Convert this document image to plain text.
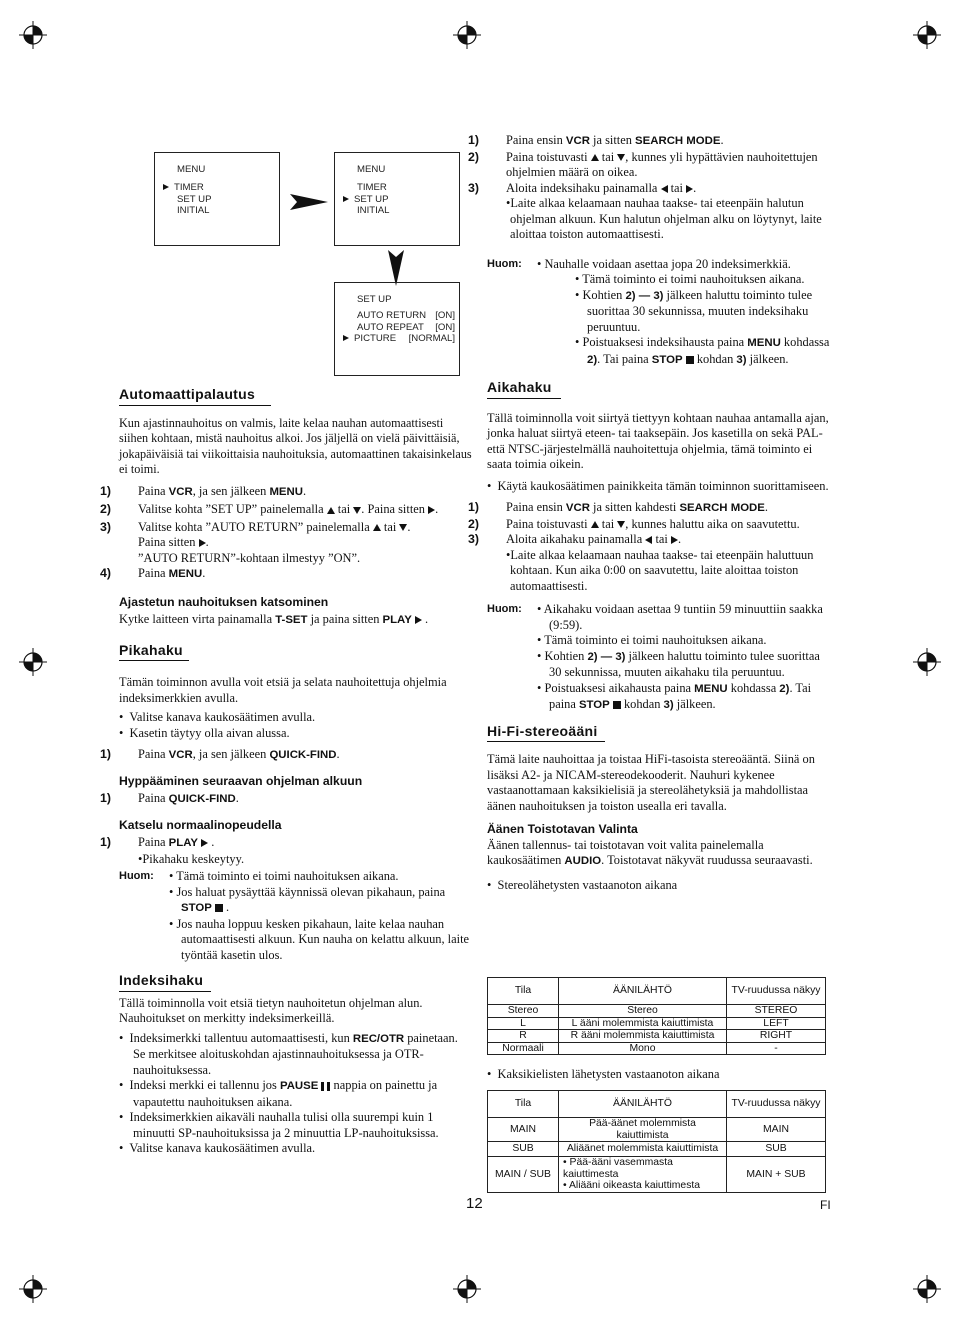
MENU
TIMER
SET UP
INITIAL
MENU
TIMER
SET UP
INITIAL
SET UP
AUTO RETURN [ON]
AUTO REPEAT [ON]
PICTURE [NORMAL]

Automaattipalautus

Kun ajastinnauhoitus on valmis, laite kelaa nauhan automaattisesti siihen kohtaan, mistä nauhoitus alkoi. Jos jäljellä on vielä päivittäisiä, jokapäiväisiä tai viikoittaisia nauhoituksia, automaattinen takaisinkelaus ei toimi.

1) Paina VCR, ja sen jälkeen MENU.

2) Valitse kohta ”SET UP” painelemalla  tai . Paina sitten .

3) Valitse kohta ”AUTO RETURN” painelemalla  tai .
Paina sitten .

”AUTO RETURN”-kohtaan ilmestyy ”ON”.

4) Paina MENU.

Ajastetun nauhoituksen katsominen

Kytke laitteen virta painamalla T-SET ja paina sitten PLAY  .

Pikahaku

Tämän toiminnon avulla voit etsiä ja selata nauhoitettuja ohjelmia indeksimerkkien avulla.

•  Valitse kanava kaukosäätimen avulla.

•  Kasetin täytyy olla aivan alussa.

1) Paina VCR, ja sen jälkeen QUICK-FIND.

Hyppääminen seuraavan ohjelman alkuun

1) Paina QUICK-FIND.

Katselu normaalinopeudella

1) Paina PLAY  .

•Pikahaku keskeytyy.

Huom: • Tämä toiminto ei toimi nauhoituksen aikana.

• Jos haluat pysäyttää käynnissä olevan pikahaun, paina STOP  .

• Jos nauha loppuu kesken pikahaun, laite kelaa nauhan automaattisesti alkuun. Kun nauha on kelattu alkuun, laite työntää kasetin ulos.

Indeksihaku

Tällä toiminnolla voit etsiä tietyn nauhoitetun ohjelman alun. Nauhoitukset on merkitty indeksimerkeillä.

•  Indeksimerkki tallentuu automaattisesti, kun REC/OTR painetaan. Se merkitsee aloituskohdan ajastinnauhoituksessa ja OTR-nauhoituksessa.

•  Indeksi merkki ei tallennu jos PAUSE  nappia on painettu ja vapautettu nauhoituksen aikana.

•  Indeksimerkkien aikaväli nauhalla tulisi olla suurempi kuin 1 minuutti SP-nauhoituksissa ja 2 minuuttia LP-nauhoituksissa.

•  Valitse kanava kaukosäätimen avulla.

1) Paina ensin VCR ja sitten SEARCH MODE.

2) Paina toistuvasti  tai , kunnes yli hypättävien nauhoitettujen ohjelmien määrä on oikea.

3) Aloita indeksihaku painamalla  tai .

•Laite alkaa kelaamaan nauhaa taakse- tai eteenpäin halutun ohjelman alkuun. Kun halutun ohjelman alku on löytynyt, laite aloittaa toiston automaattisesti.

Huom: • Nauhalle voidaan asettaa jopa 20 indeksimerkkiä.

• Tämä toiminto ei toimi nauhoituksen aikana.

• Kohtien 2) — 3) jälkeen haluttu toiminto tulee suorittaa 30 sekunnissa, muuten indeksihaku peruuntuu.

• Poistuaksesi indeksihausta paina MENU kohdassa 2). Tai paina STOP  kohdan 3) jälkeen.

Aikahaku

Tällä toiminnolla voit siirtyä tiettyyn kohtaan nauhaa antamalla ajan, jonka haluat siirtyä eteen- tai taaksepäin. Jos kasetilla on sekä PAL- että NTSC-järjestelmällä nauhoitettuja ohjelmia, tämä toiminto ei saata toimia oikein.

•  Käytä kaukosäätimen painikkeita tämän toiminnon suorittamiseen.

1) Paina ensin VCR ja sitten kahdesti SEARCH MODE.

2) Paina toistuvasti  tai , kunnes haluttu aika on saavutettu.

3) Aloita aikahaku painamalla  tai .

•Laite alkaa kelaamaan nauhaa taakse- tai eteenpäin haluttuun kohtaan. Kun aika 0:00 on saavutettu, laite aloittaa toiston automaattisesti.

Huom: • Aikahaku voidaan asettaa 9 tuntiin 59 minuuttiin saakka (9:59).

• Tämä toiminto ei toimi nauhoituksen aikana.

• Kohtien 2) — 3) jälkeen haluttu toiminto tulee suorittaa 30 sekunnissa, muuten aikahaku tila peruuntuu.

• Poistuaksesi aikahausta paina MENU kohdassa 2). Tai paina STOP  kohdan 3) jälkeen.

Hi-Fi-stereoääni

Tämä laite nauhoittaa ja toistaa HiFi-tasoista stereoääntä. Siinä on lisäksi A2- ja NICAM-stereodekooderit. Nauhuri kykenee vastaanottamaan kaksikielisiä ja stereolähetyksiä ja mahdollistaa äänen nauhoituksen ja toiston usealla eri tavalla.

Äänen Toistotavan Valinta

Äänen tallennus- tai toistotavan voit valita painelemalla kaukosäätimen AUDIO. Toistotavat näkyvät ruudussa seuraavasti.

•  Stereolähetysten vastaanoton aikana

Tila	ÄÄNILÄHTÖ	TV-ruudussa näkyy
Stereo	Stereo	STEREO
L	L ääni molemmista kaiuttimista	LEFT
R	R ääni molemmista kaiuttimista	RIGHT
Normaali	Mono	-

•  Kaksikielisten lähetysten vastaanoton aikana

Tila	ÄÄNILÄHTÖ	TV-ruudussa näkyy
MAIN	Pää-äänet molemmista kaiuttimista	MAIN
SUB	Aliäänet molemmista kaiuttimista	SUB
MAIN / SUB	• Pää-ääni vasemmasta kaiuttimesta
• Aliääni oikeasta kaiuttimesta	MAIN + SUB
12	FI
